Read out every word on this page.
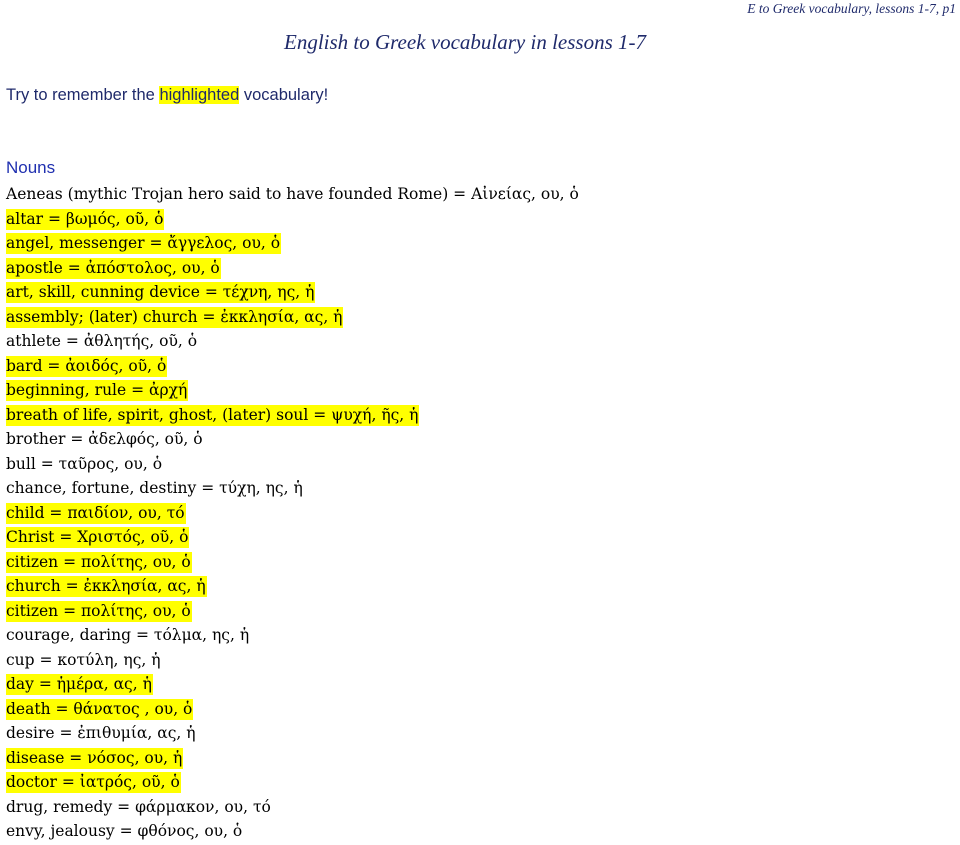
E to Greek vocabulary, lessons 1-7, p1
English to Greek vocabulary in lessons 1-7
Try to remember the highlighted vocabulary!
Nouns
Aeneas (mythic Trojan hero said to have founded Rome) = Αἰνείας, ου, ὁ
altar = βωμός, οῦ, ὁ
angel, messenger = ἄγγελος, ου, ὁ
apostle = ἀπόστολος, ου, ὁ
art, skill, cunning device = τέχνη, ης, ἡ
assembly; (later) church = ἐκκλησία, ας, ἡ
athlete = ἀθλητής, οῦ, ὁ
bard = ἀοιδός, οῦ, ὁ
beginning, rule = ἀρχή
breath of life, spirit, ghost, (later) soul = ψυχή, ῆς, ἡ
brother = ἀδελφός, οῦ, ὁ
bull = ταῦρος, ου, ὁ
chance, fortune, destiny = τύχη, ης, ἡ
child = παιδίον, ου, τό
Christ = Χριστός, οῦ, ὁ
citizen = πολίτης, ου, ὁ
church = ἐκκλησία, ας, ἡ
citizen = πολίτης, ου, ὁ
courage, daring = τόλμα, ης, ἡ
cup = κοτύλη, ης, ἡ
day = ἡμέρα, ας, ἡ
death = θάνατος , ου, ὁ
desire = ἐπιθυμία, ας, ἡ
disease = νόσος, ου, ἡ
doctor = ἰατρός, οῦ, ὁ
drug, remedy = φάρμακον, ου, τό
envy, jealousy = φθόνος, ου, ὁ
